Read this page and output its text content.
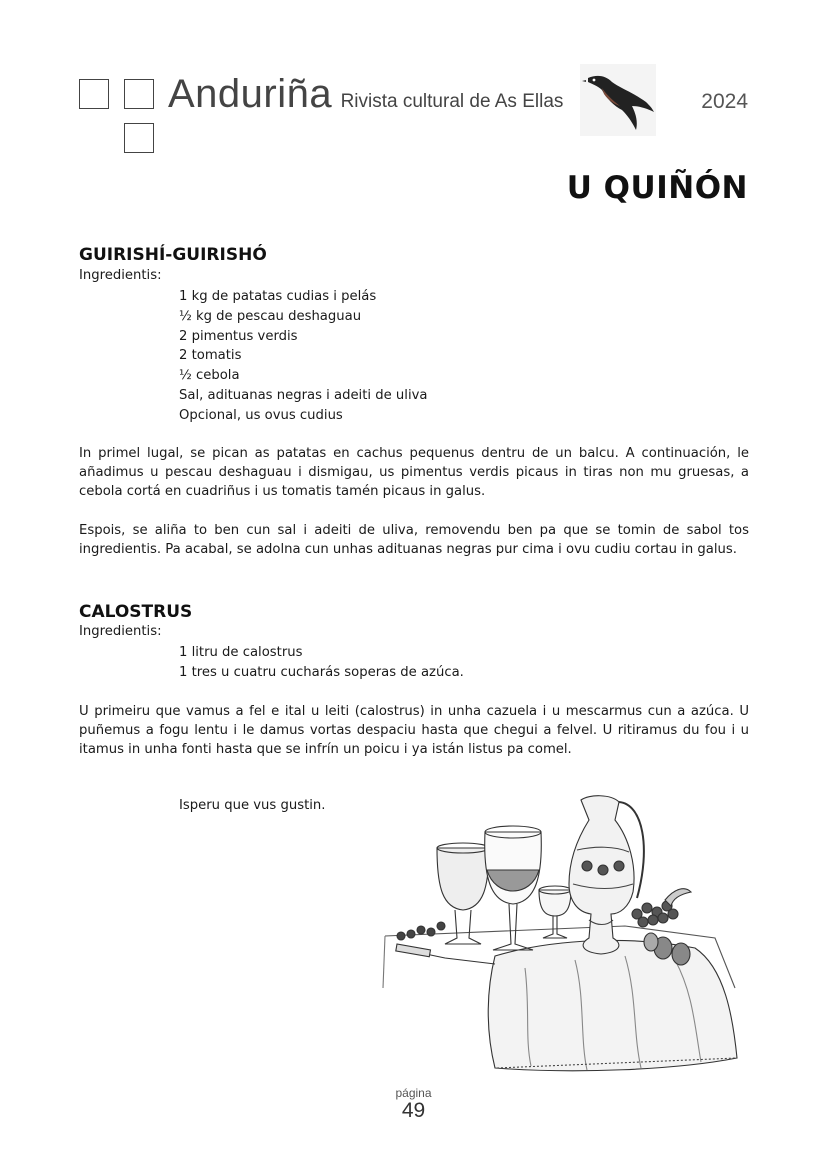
Anduriña Rivista cultural de As Ellas	2024
U QUIÑÓN
GUIRISHÍ-GUIRISHÓ
Ingredientis:
1 kg de patatas cudias i pelás
½ kg de pescau deshaguau
2 pimentus verdis
2 tomatis
½ cebola
Sal, adituanas negras i adeiti de uliva
Opcional, us ovus cudius

In primel lugal, se pican as patatas en cachus pequenus dentru de un balcu. A continuación, le añadimus u pescau deshaguau i dismigau, us pimentus verdis picaus in tiras non mu gruesas, a cebola cortá en cuadriñus i us tomatis tamén picaus in galus.

Espois, se aliña to ben cun sal i adeiti de uliva, removendu ben pa que se tomin de sabol tos ingredientis. Pa acabal, se adolna cun unhas adituanas negras pur cima i ovu cudiu cortau in galus.

CALOSTRUS
Ingredientis:
1 litru de calostrus
1 tres u cuatru cucharás soperas de azúca.

U primeiru que vamus a fel e ital u leiti (calostrus) in unha cazuela i u mescarmus cun a azúca. U puñemus a fogu lentu i le damus vortas despaciu hasta que chegui a felvel. U ritiramus du fou i u itamus in unha fonti hasta que se infrín un poicu i ya istán listus pa comel.

Isperu que vus gustin.
página
49
